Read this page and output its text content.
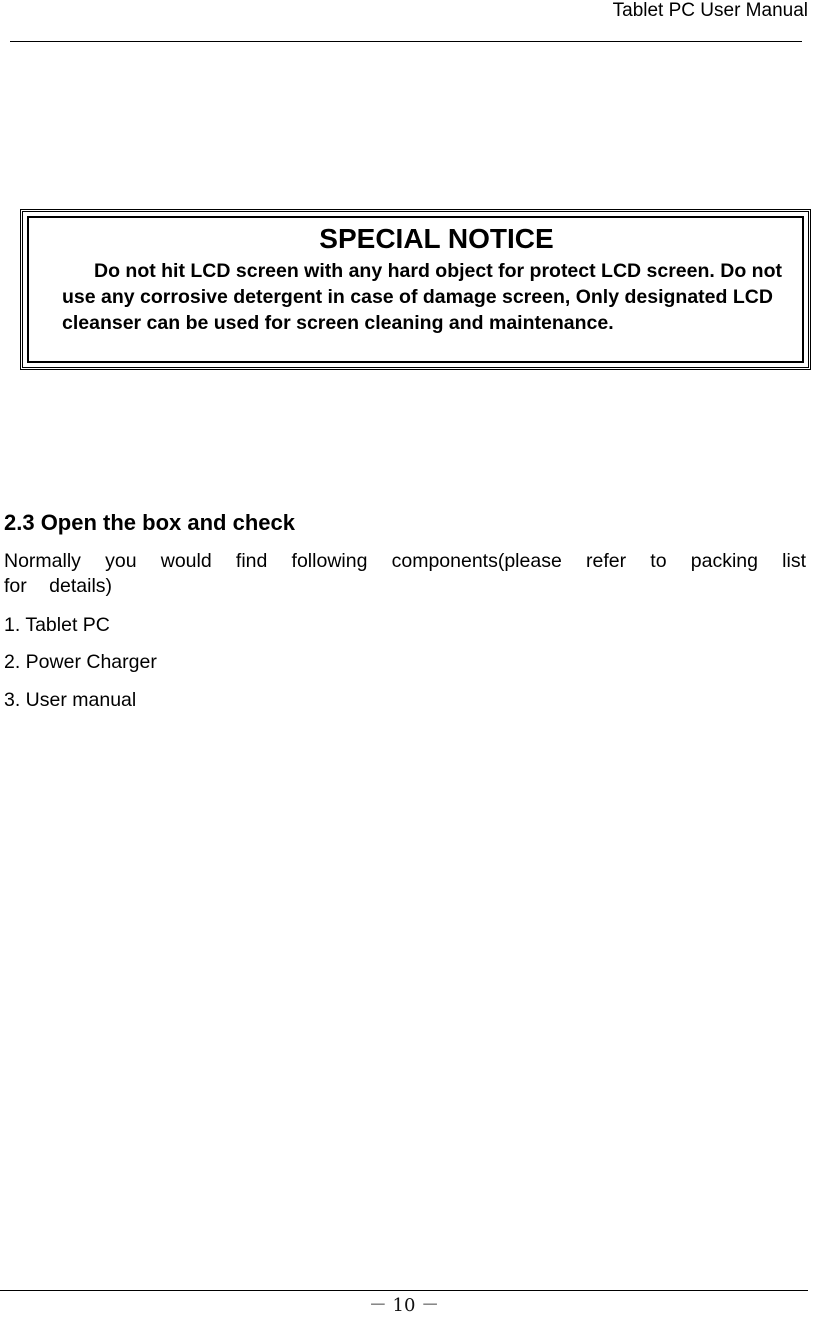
Tablet PC User Manual
SPECIAL NOTICE
Do not hit LCD screen with any hard object for protect LCD screen. Do not use any corrosive detergent in case of damage screen, Only designated LCD cleanser can be used for screen cleaning and maintenance.
2.3 Open the box and check
Normally you would find following components(please refer to packing list for details)
1. Tablet PC
2. Power Charger
3. User manual
－ 10 －
